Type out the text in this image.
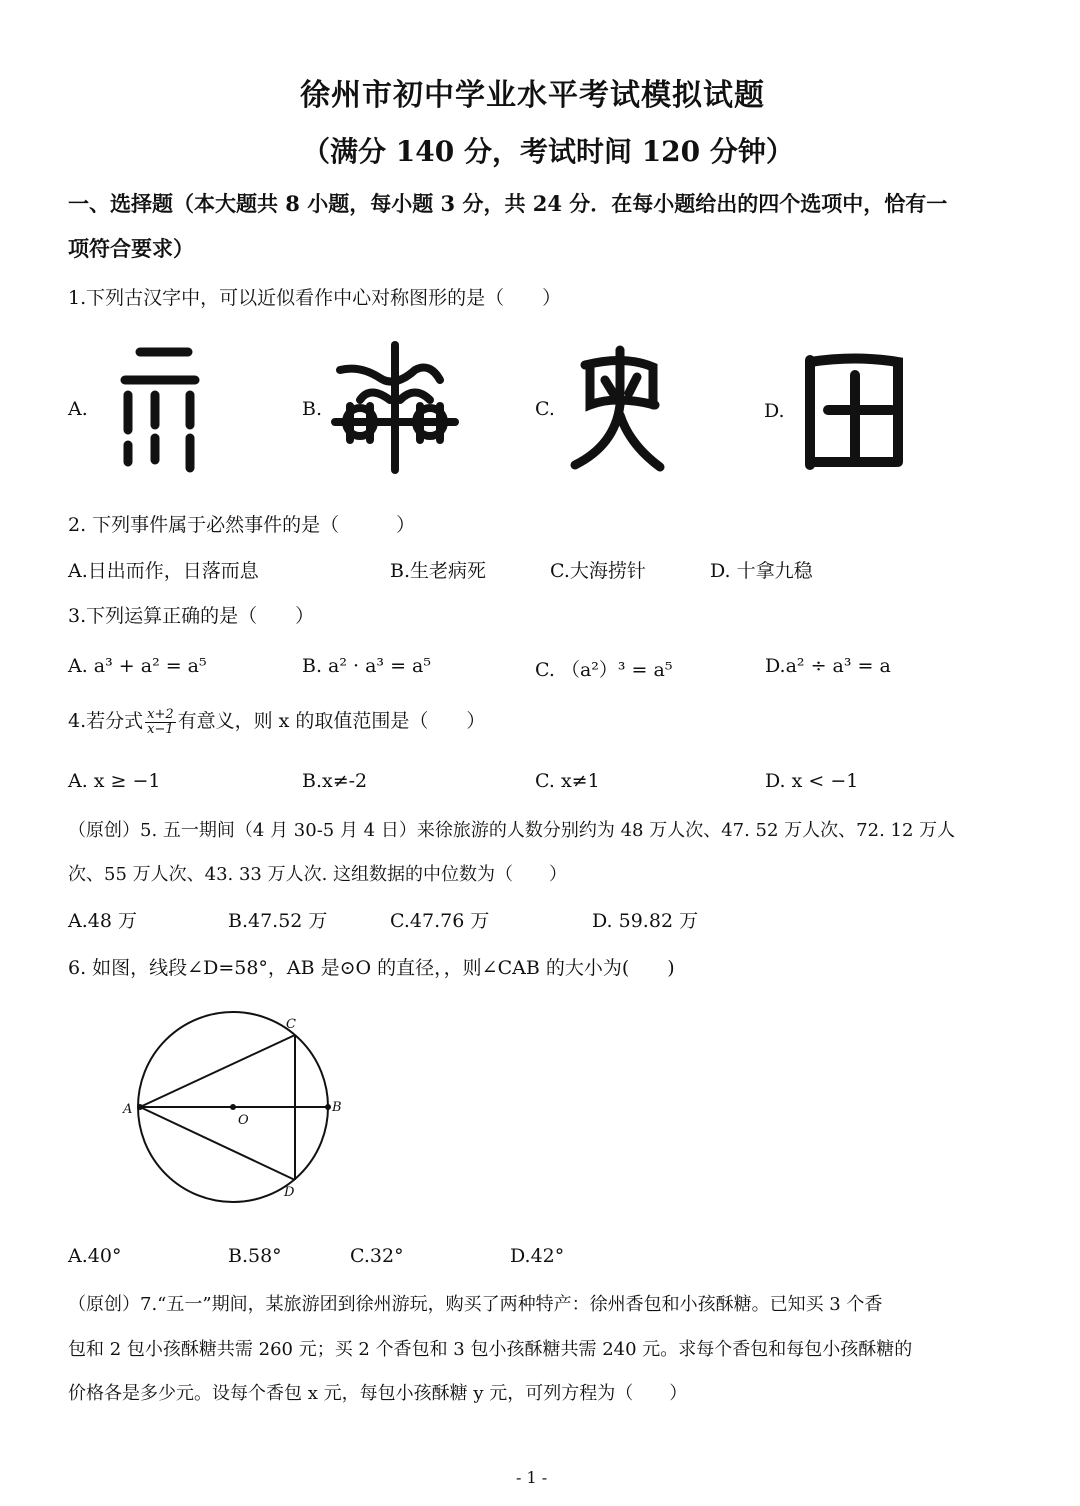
徐州市初中学业水平考试模拟试题
（满分 140 分，考试时间 120 分钟）
一、选择题（本大题共 8 小题，每小题 3 分，共 24 分．在每小题给出的四个选项中，恰有一
项符合要求）
1.下列古汉字中，可以近似看作中心对称图形的是（　　）
A.	B.	C.	D.
2. 下列事件属于必然事件的是（　　　）
A.日出而作，日落而息	B.生老病死	C.大海捞针	D. 十拿九稳
3.下列运算正确的是（　　）
A. a³ + a² = a⁵	B. a² · a³ = a⁵	C. （a²）³ = a⁵	D.a² ÷ a³ = a
4.若分式 $\frac{x+2}{x-1}$ 有意义，则 x 的取值范围是（　　）
A. x ≥ −1	B.x≠-2	C. x≠1	D. x < −1
（原创）5. 五一期间（4 月 30-5 月 4 日）来徐旅游的人数分别约为 48 万人次、47. 52 万人次、72. 12 万人
次、55 万人次、43. 33 万人次. 这组数据的中位数为（　　）
A.48 万	B.47.52 万	C.47.76 万	D. 59.82 万
6. 如图，线段∠D=58°，AB 是⊙O 的直径，，则∠CAB 的大小为(　　)
A	B
C
D
O
A.40°	B.58°	C.32°	D.42°
（原创）7.“五一”期间，某旅游团到徐州游玩，购买了两种特产：徐州香包和小孩酥糖。已知买 3 个香
包和 2 包小孩酥糖共需 260 元；买 2 个香包和 3 包小孩酥糖共需 240 元。求每个香包和每包小孩酥糖的
价格各是多少元。设每个香包 x 元，每包小孩酥糖 y 元，可列方程为（　　）
- 1 -
